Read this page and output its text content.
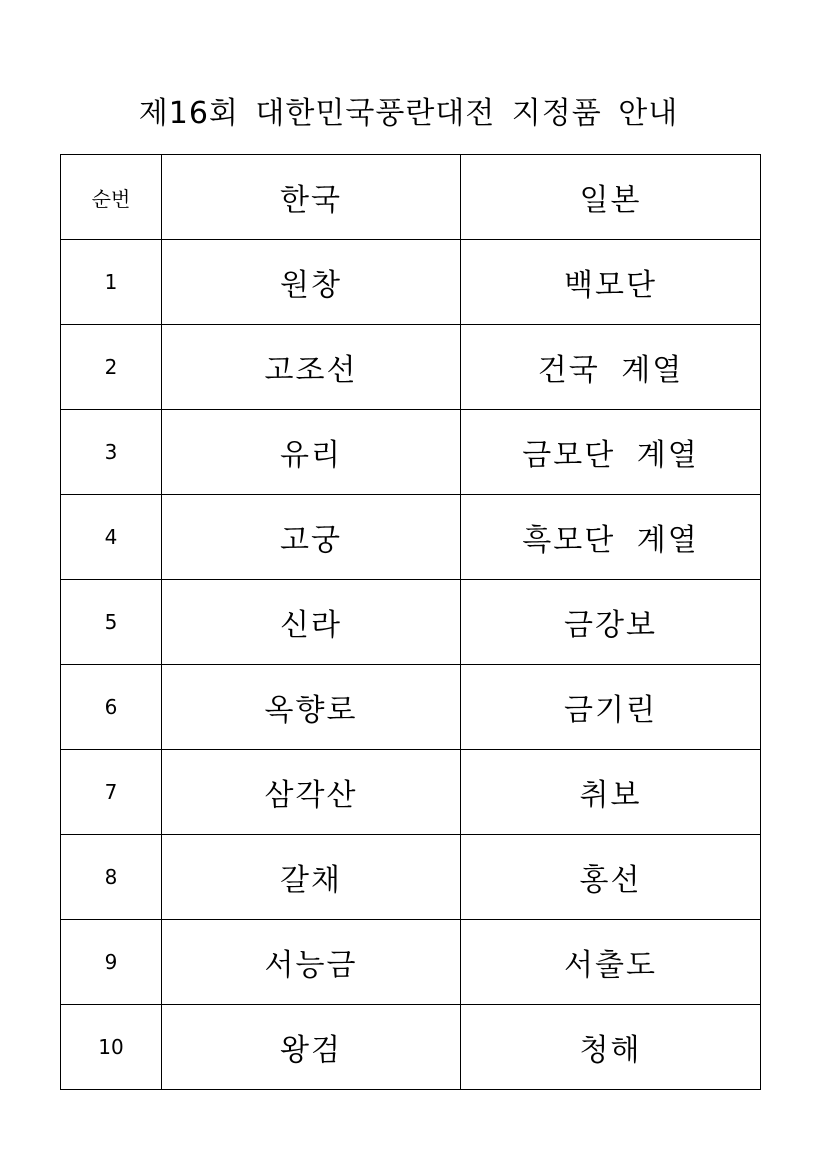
제16회 대한민국풍란대전 지정품 안내
순번	한국	일본
1	원창	백모단
2	고조선	건국 계열
3	유리	금모단 계열
4	고궁	흑모단 계열
5	신라	금강보
6	옥향로	금기린
7	삼각산	취보
8	갈채	홍선
9	서능금	서출도
10	왕검	청해
